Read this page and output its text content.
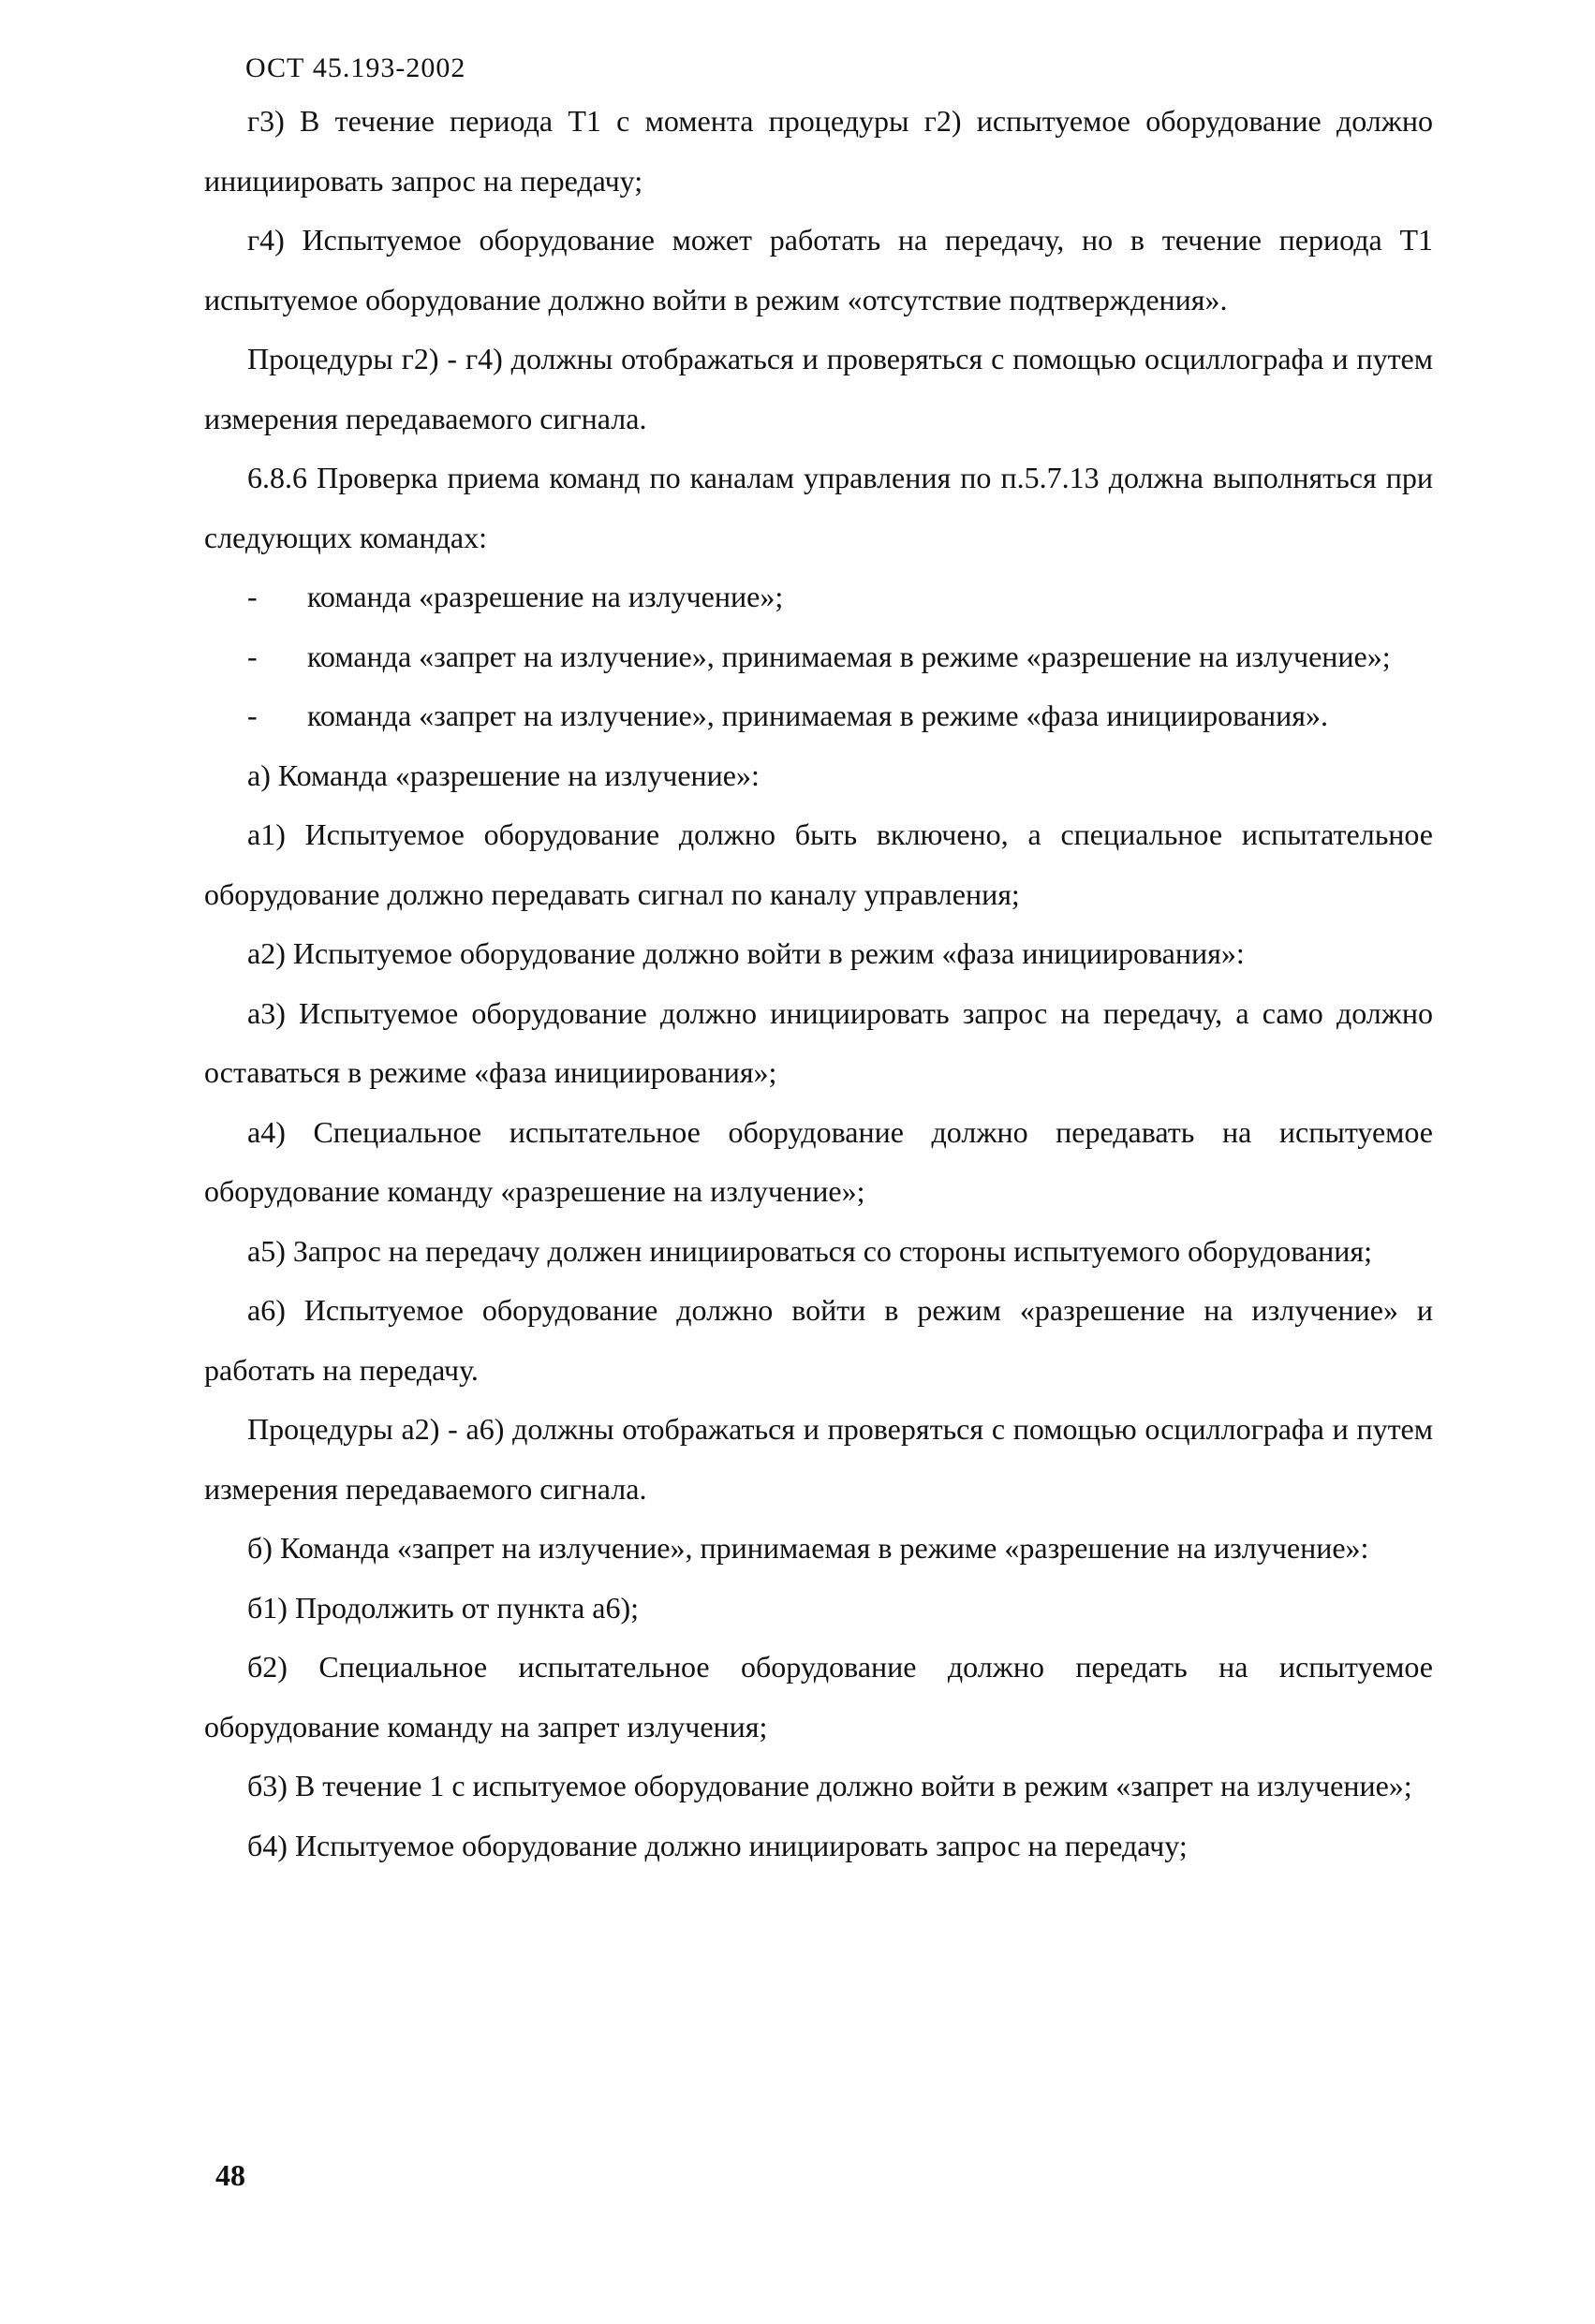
ОСТ 45.193-2002

г3) В течение периода Т1 с момента процедуры г2) испытуемое оборудование должно инициировать запрос на передачу;

г4) Испытуемое оборудование может работать на передачу, но в течение периода Т1 испытуемое оборудование должно войти в режим «отсутствие подтверждения».

Процедуры г2) - г4) должны отображаться и проверяться с помощью осциллографа и путем измерения передаваемого сигнала.

6.8.6 Проверка приема команд по каналам управления по п.5.7.13 должна выполняться при следующих командах:

- команда «разрешение на излучение»;

- команда «запрет на излучение», принимаемая в режиме «разрешение на излучение»;

- команда «запрет на излучение», принимаемая в режиме «фаза инициирования».

а) Команда «разрешение на излучение»:

а1) Испытуемое оборудование должно быть включено, а специальное испытательное оборудование должно передавать сигнал по каналу управления;

а2) Испытуемое оборудование должно войти в режим «фаза инициирования»:

а3) Испытуемое оборудование должно инициировать запрос на передачу, а само должно оставаться в режиме «фаза инициирования»;

а4) Специальное испытательное оборудование должно передавать на испытуемое оборудование команду «разрешение на излучение»;

а5) Запрос на передачу должен инициироваться со стороны испытуемого оборудования;

а6) Испытуемое оборудование должно войти в режим «разрешение на излучение» и работать на передачу.

Процедуры а2) - а6) должны отображаться и проверяться с помощью осциллографа и путем измерения передаваемого сигнала.

б) Команда «запрет на излучение», принимаемая в режиме «разрешение на излучение»:

б1) Продолжить от пункта а6);

б2) Специальное испытательное оборудование должно передать на испытуемое оборудование команду на запрет излучения;

б3) В течение 1 с испытуемое оборудование должно войти в режим «запрет на излучение»;

б4) Испытуемое оборудование должно инициировать запрос на передачу;

48
